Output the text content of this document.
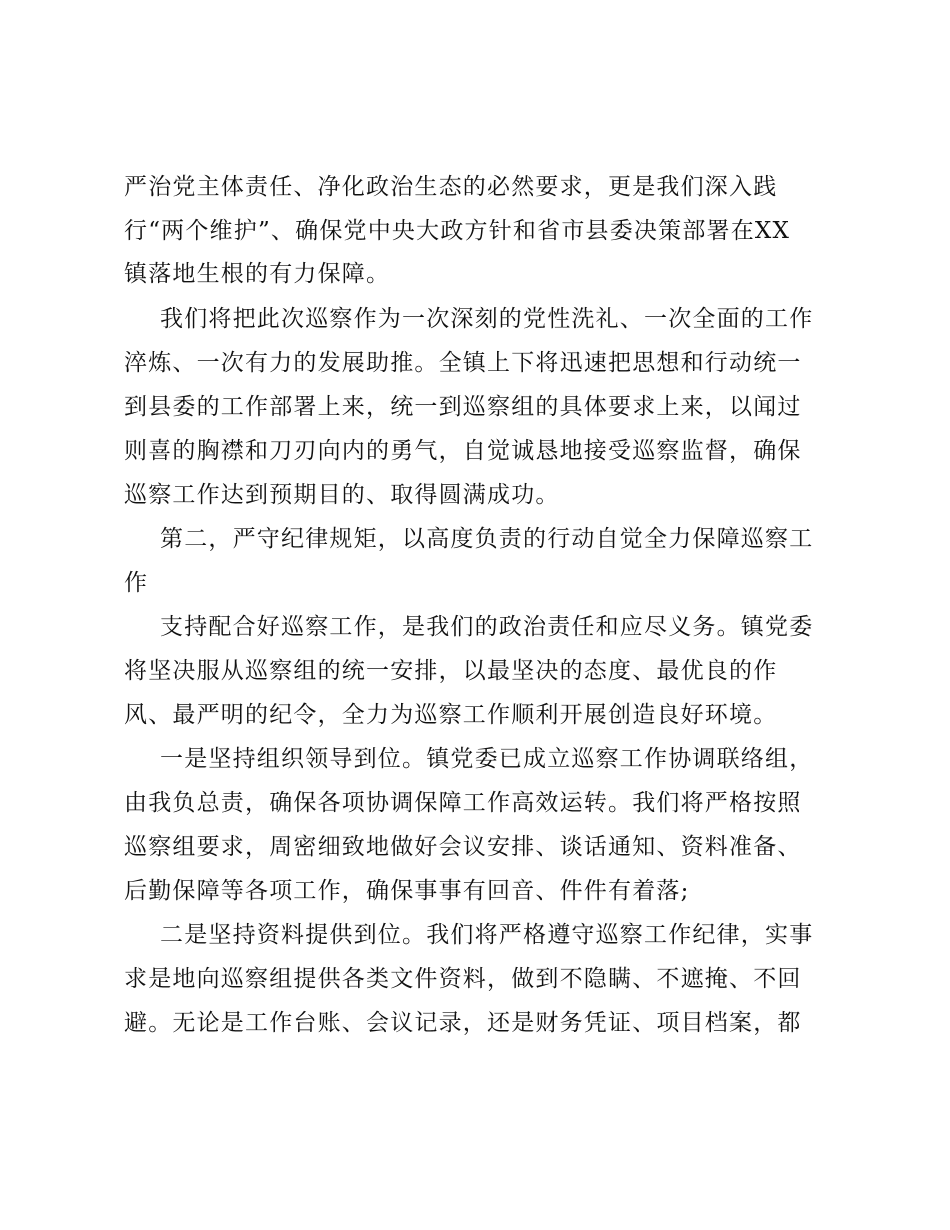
严治党主体责任、净化政治生态的必然要求，更是我们深入践
行“两个维护”、确保党中央大政方针和省市县委决策部署在XX
镇落地生根的有力保障。
我们将把此次巡察作为一次深刻的党性洗礼、一次全面的工作
淬炼、一次有力的发展助推。全镇上下将迅速把思想和行动统一
到县委的工作部署上来，统一到巡察组的具体要求上来，以闻过
则喜的胸襟和刀刃向内的勇气，自觉诚恳地接受巡察监督，确保
巡察工作达到预期目的、取得圆满成功。
第二，严守纪律规矩，以高度负责的行动自觉全力保障巡察工
作
支持配合好巡察工作，是我们的政治责任和应尽义务。镇党委
将坚决服从巡察组的统一安排，以最坚决的态度、最优良的作
风、最严明的纪令，全力为巡察工作顺利开展创造良好环境。
一是坚持组织领导到位。镇党委已成立巡察工作协调联络组，
由我负总责，确保各项协调保障工作高效运转。我们将严格按照
巡察组要求，周密细致地做好会议安排、谈话通知、资料准备、
后勤保障等各项工作，确保事事有回音、件件有着落;
二是坚持资料提供到位。我们将严格遵守巡察工作纪律，实事
求是地向巡察组提供各类文件资料，做到不隐瞒、不遮掩、不回
避。无论是工作台账、会议记录，还是财务凭证、项目档案，都
